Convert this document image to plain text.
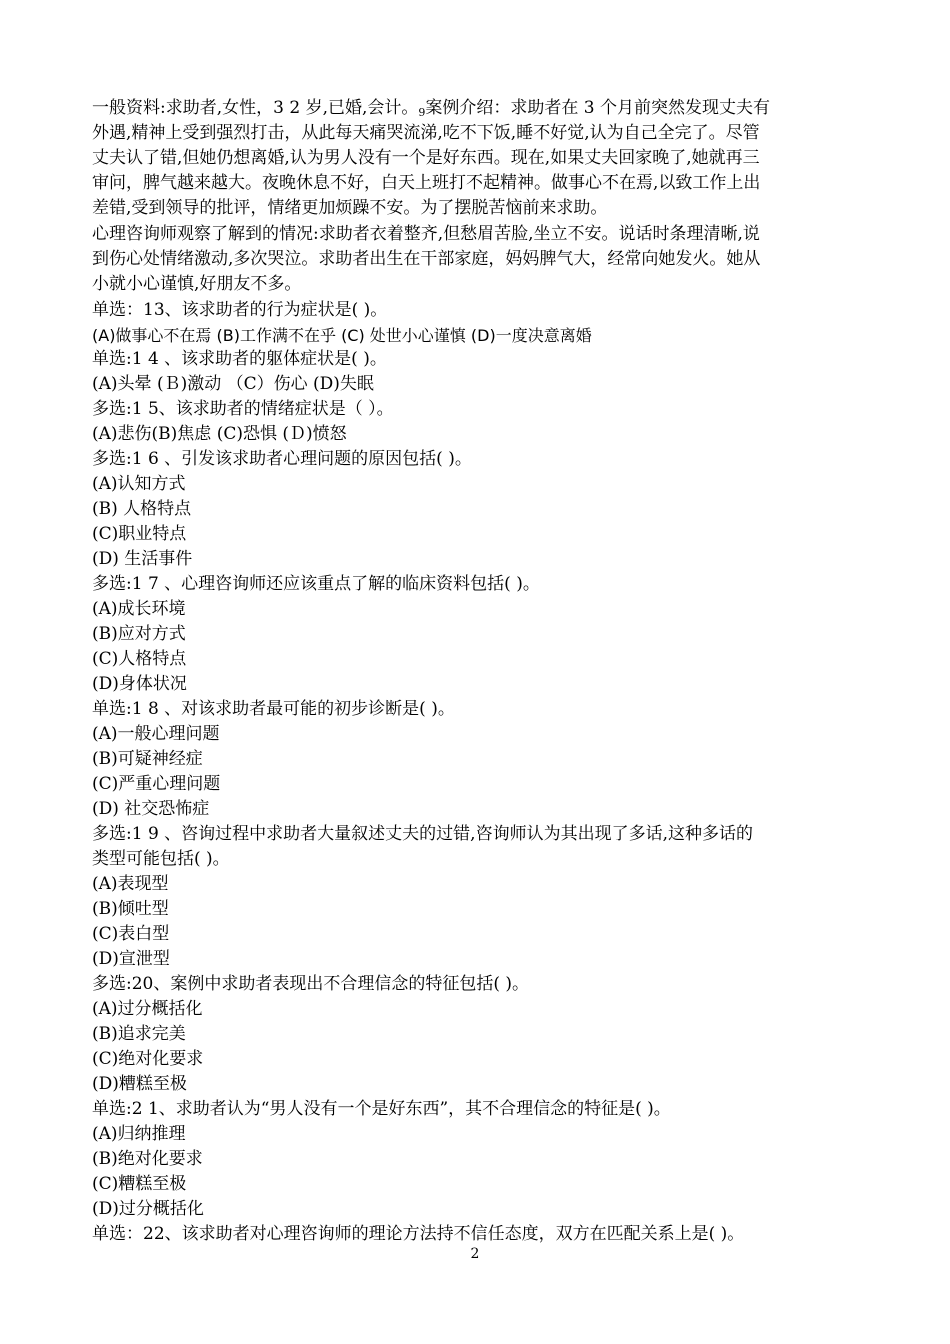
一般资料:求助者,女性，3 2 岁,已婚,会计。9案例介绍：求助者在 3 个月前突然发现丈夫有
外遇,精神上受到强烈打击，从此每天痛哭流涕,吃不下饭,睡不好觉,认为自己全完了。尽管
丈夫认了错,但她仍想离婚,认为男人没有一个是好东西。现在,如果丈夫回家晚了,她就再三
审问，脾气越来越大。夜晚休息不好，白天上班打不起精神。做事心不在焉,以致工作上出
差错,受到领导的批评，情绪更加烦躁不安。为了摆脱苦恼前来求助。
心理咨询师观察了解到的情况:求助者衣着整齐,但愁眉苦脸,坐立不安。说话时条理清晰,说
到伤心处情绪激动,多次哭泣。求助者出生在干部家庭，妈妈脾气大，经常向她发火。她从
小就小心谨慎,好朋友不多。
单选：13、该求助者的行为症状是( )。
(A)做事心不在焉 (B)工作满不在乎 (C) 处世小心谨慎 (D)一度决意离婚
单选:1 4 、该求助者的躯体症状是( )。
(A)头晕 (Ｂ)激动 （C）伤心 (D)失眠
多选:1 5、该求助者的情绪症状是（ ）。
(A)悲伤(B)焦虑 (C)恐惧 (Ｄ)愤怒
多选:1 6 、引发该求助者心理问题的原因包括( )。
(A)认知方式
(B) 人格特点
(C)职业特点
(D) 生活事件
多选:1 7 、心理咨询师还应该重点了解的临床资料包括( )。
(A)成长环境
(B)应对方式
(C)人格特点
(D)身体状况
单选:1 8 、对该求助者最可能的初步诊断是( )。
(A)一般心理问题
(B)可疑神经症
(C)严重心理问题
(D) 社交恐怖症
多选:1 9 、咨询过程中求助者大量叙述丈夫的过错,咨询师认为其出现了多话,这种多话的
类型可能包括( )。
(A)表现型
(B)倾吐型
(C)表白型
(D)宣泄型
多选:20、案例中求助者表现出不合理信念的特征包括( )。
(A)过分概括化
(B)追求完美
(C)绝对化要求
(D)糟糕至极
单选:2 1、求助者认为“男人没有一个是好东西”，其不合理信念的特征是( )。
(A)归纳推理
(B)绝对化要求
(C)糟糕至极
(D)过分概括化
单选：22、该求助者对心理咨询师的理论方法持不信任态度，双方在匹配关系上是( )。
2
